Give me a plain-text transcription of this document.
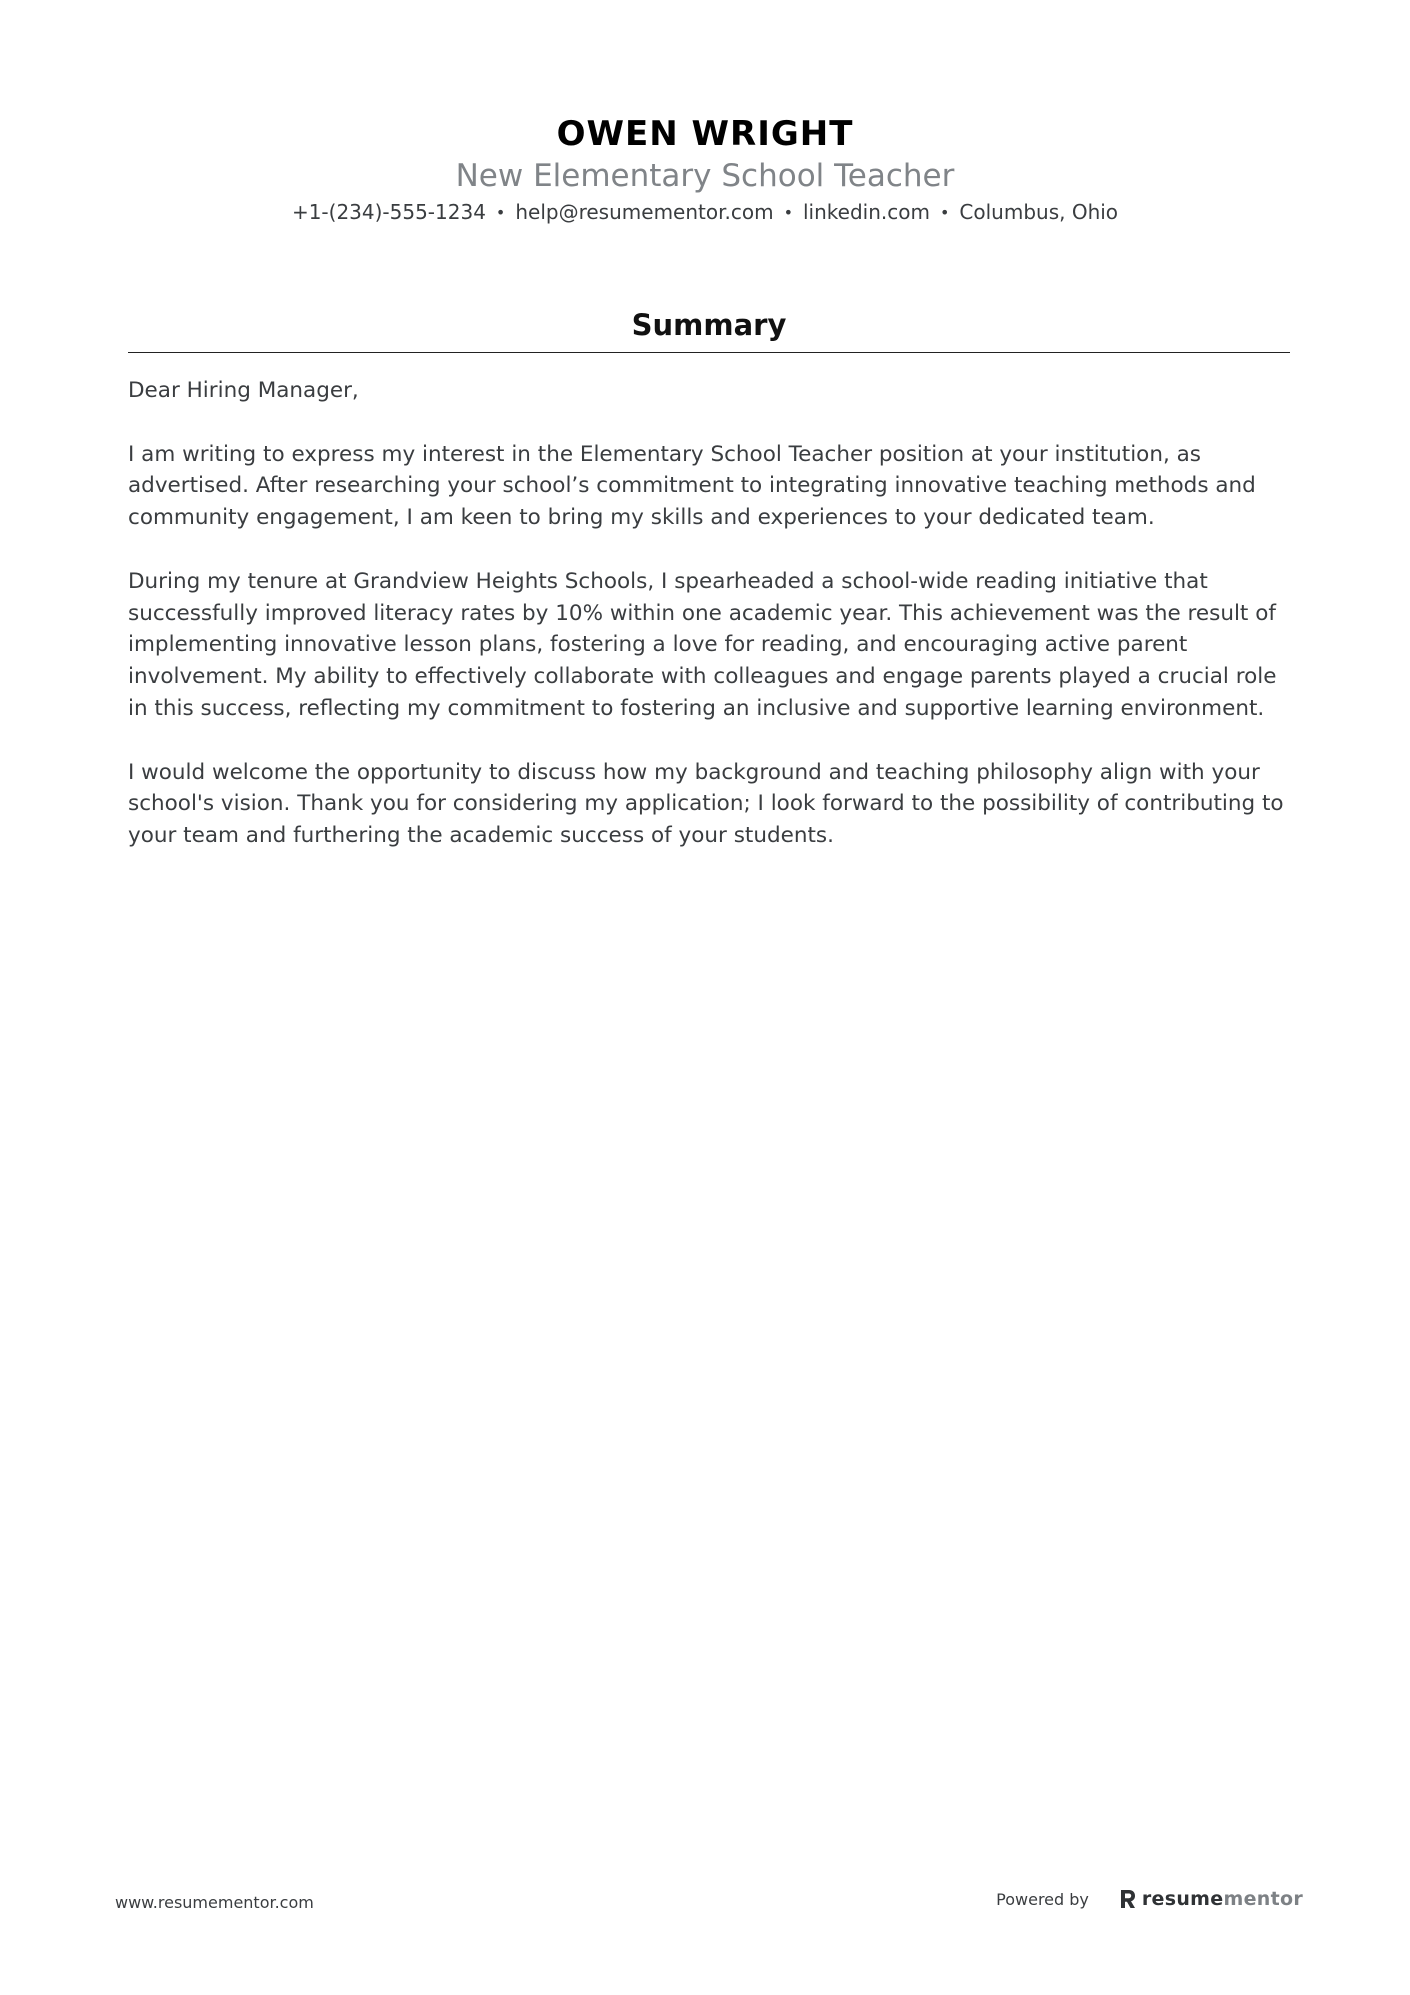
OWEN WRIGHT
New Elementary School Teacher
+1-(234)-555-1234 • help@resumementor.com • linkedin.com • Columbus, Ohio
Summary

Dear Hiring Manager,

I am writing to express my interest in the Elementary School Teacher position at your institution, as advertised. After researching your school’s commitment to integrating innovative teaching methods and community engagement, I am keen to bring my skills and experiences to your dedicated team.

During my tenure at Grandview Heights Schools, I spearheaded a school-wide reading initiative that successfully improved literacy rates by 10% within one academic year. This achievement was the result of implementing innovative lesson plans, fostering a love for reading, and encouraging active parent involvement. My ability to effectively collaborate with colleagues and engage parents played a crucial role in this success, reflecting my commitment to fostering an inclusive and supportive learning environment.

I would welcome the opportunity to discuss how my background and teaching philosophy align with your school's vision. Thank you for considering my application; I look forward to the possibility of contributing to your team and furthering the academic success of your students.

www.resumementor.com	Powered by	resumementor
